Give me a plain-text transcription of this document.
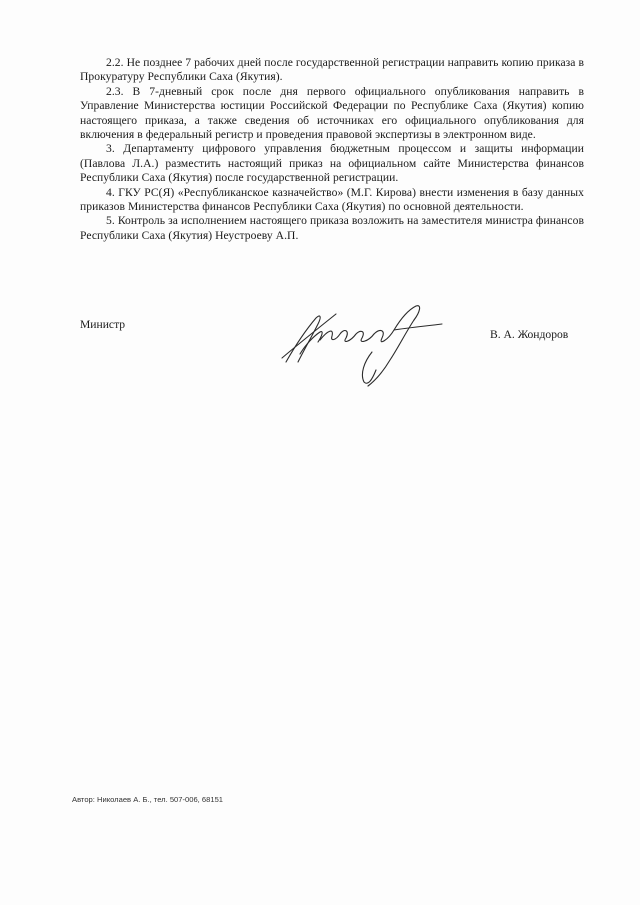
2.2. Не позднее 7 рабочих дней после государственной регистрации направить копию приказа в Прокуратуру Республики Саха (Якутия).

2.3. В 7-дневный срок после дня первого официального опубликования направить в Управление Министерства юстиции Российской Федерации по Республике Саха (Якутия) копию настоящего приказа, а также сведения об источниках его официального опубликования для включения в федеральный регистр и проведения правовой экспертизы в электронном виде.

3. Департаменту цифрового управления бюджетным процессом и защиты информации (Павлова Л.А.) разместить настоящий приказ на официальном сайте Министерства финансов Республики Саха (Якутия) после государственной регистрации.

4. ГКУ РС(Я) «Республиканское казначейство» (М.Г. Кирова) внести изменения в базу данных приказов Министерства финансов Республики Саха (Якутия) по основной деятельности.

5. Контроль за исполнением настоящего приказа возложить на заместителя министра финансов Республики Саха (Якутия) Неустроеву А.П.

Министр
В. А. Жондоров
Автор: Николаев А. Б., тел. 507-006, 68151
